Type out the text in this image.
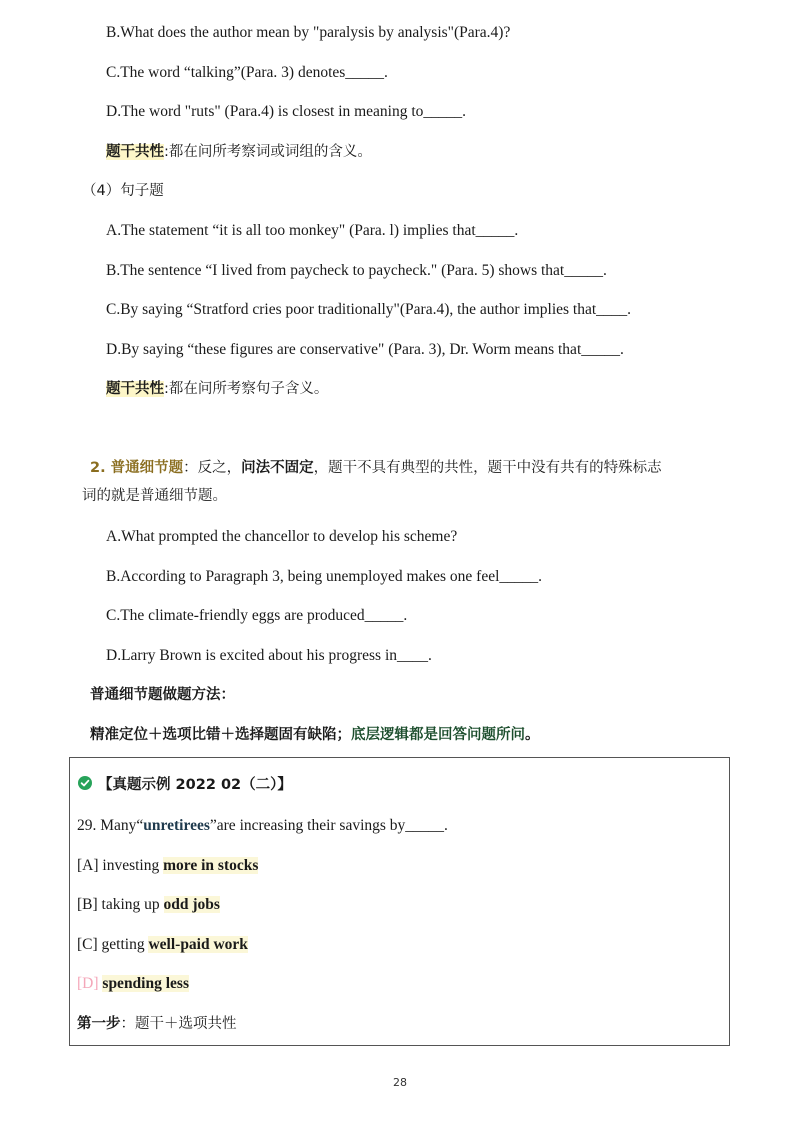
B.What does the author mean by "paralysis by analysis"(Para.4)?
C.The word “talking”(Para. 3) denotes_____.
D.The word "ruts" (Para.4) is closest in meaning to_____.
题干共性:都在问所考察词或词组的含义。
（4）句子题
A.The statement “it is all too monkey" (Para. l) implies that_____.
B.The sentence “I lived from paycheck to paycheck." (Para. 5) shows that_____.
C.By saying “Stratford cries poor traditionally"(Para.4), the author implies that____.
D.By saying “these figures are conservative" (Para. 3), Dr. Worm means that_____.
题干共性:都在问所考察句子含义。
2. 普通细节题：反之，问法不固定，题干不具有典型的共性，题干中没有共有的特殊标志
词的就是普通细节题。
A.What prompted the chancellor to develop his scheme?
B.According to Paragraph 3, being unemployed makes one feel_____.
C.The climate-friendly eggs are produced_____.
D.Larry Brown is excited about his progress in____.
普通细节题做题方法：
精准定位＋选项比错＋选择题固有缺陷；底层逻辑都是回答问题所问。
【真题示例 2022 02（二）】
29. Many“unretirees”are increasing their savings by_____.
[A] investing more in stocks
[B] taking up odd jobs
[C] getting well-paid work
[D] spending less
第一步：题干＋选项共性
28
